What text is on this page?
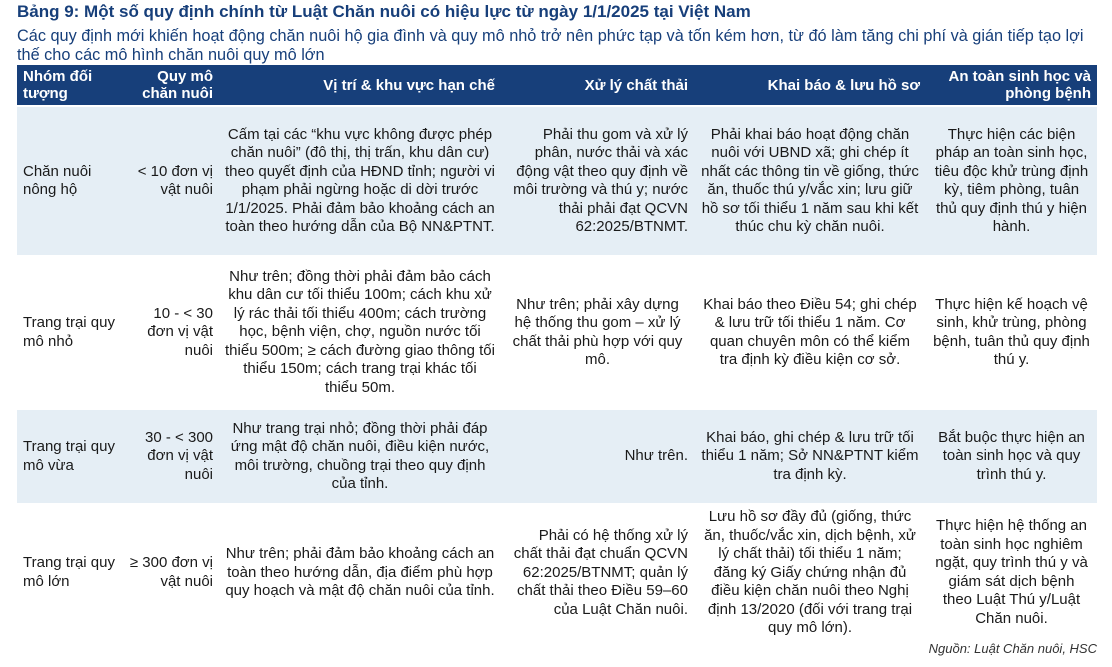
Bảng 9: Một số quy định chính từ Luật Chăn nuôi có hiệu lực từ ngày 1/1/2025 tại Việt Nam
Các quy định mới khiến hoạt động chăn nuôi hộ gia đình và quy mô nhỏ trở nên phức tạp và tốn kém hơn, từ đó làm tăng chi phí và gián tiếp tạo lợi thế cho các mô hình chăn nuôi quy mô lớn
Nhóm đối tượng	Quy mô chăn nuôi	Vị trí & khu vực hạn chế	Xử lý chất thải	Khai báo & lưu hồ sơ	An toàn sinh học và phòng bệnh
Chăn nuôi nông hộ	< 10 đơn vị vật nuôi	Cấm tại các “khu vực không được phép chăn nuôi” (đô thị, thị trấn, khu dân cư) theo quyết định của HĐND tỉnh; người vi phạm phải ngừng hoặc di dời trước 1/1/2025. Phải đảm bảo khoảng cách an toàn theo hướng dẫn của Bộ NN&PTNT.	Phải thu gom và xử lý phân, nước thải và xác động vật theo quy định về môi trường và thú y; nước thải phải đạt QCVN 62:2025/BTNMT.	Phải khai báo hoạt động chăn nuôi với UBND xã; ghi chép ít nhất các thông tin về giống, thức ăn, thuốc thú y/vắc xin; lưu giữ hồ sơ tối thiểu 1 năm sau khi kết thúc chu kỳ chăn nuôi.	Thực hiện các biện pháp an toàn sinh học, tiêu độc khử trùng định kỳ, tiêm phòng, tuân thủ quy định thú y hiện hành.
Trang trại quy mô nhỏ	10 - < 30 đơn vị vật nuôi	Như trên; đồng thời phải đảm bảo cách khu dân cư tối thiểu 100m; cách khu xử lý rác thải tối thiểu 400m; cách trường học, bệnh viện, chợ, nguồn nước tối thiểu 500m; ≥ cách đường giao thông tối thiểu 150m; cách trang trại khác tối thiểu 50m.	Như trên; phải xây dựng hệ thống thu gom – xử lý chất thải phù hợp với quy mô.	Khai báo theo Điều 54; ghi chép & lưu trữ tối thiểu 1 năm. Cơ quan chuyên môn có thể kiểm tra định kỳ điều kiện cơ sở.	Thực hiện kế hoạch vệ sinh, khử trùng, phòng bệnh, tuân thủ quy định thú y.
Trang trại quy mô vừa	30 - < 300 đơn vị vật nuôi	Như trang trại nhỏ; đồng thời phải đáp ứng mật độ chăn nuôi, điều kiện nước, môi trường, chuồng trại theo quy định của tỉnh.	Như trên.	Khai báo, ghi chép & lưu trữ tối thiểu 1 năm; Sở NN&PTNT kiểm tra định kỳ.	Bắt buộc thực hiện an toàn sinh học và quy trình thú y.
Trang trại quy mô lớn	≥ 300 đơn vị vật nuôi	Như trên; phải đảm bảo khoảng cách an toàn theo hướng dẫn, địa điểm phù hợp quy hoạch và mật độ chăn nuôi của tỉnh.	Phải có hệ thống xử lý chất thải đạt chuẩn QCVN 62:2025/BTNMT; quản lý chất thải theo Điều 59–60 của Luật Chăn nuôi.	Lưu hồ sơ đầy đủ (giống, thức ăn, thuốc/vắc xin, dịch bệnh, xử lý chất thải) tối thiểu 1 năm; đăng ký Giấy chứng nhận đủ điều kiện chăn nuôi theo Nghị định 13/2020 (đối với trang trại quy mô lớn).	Thực hiện hệ thống an toàn sinh học nghiêm ngặt, quy trình thú y và giám sát dịch bệnh theo Luật Thú y/Luật Chăn nuôi.
Nguồn: Luật Chăn nuôi, HSC
